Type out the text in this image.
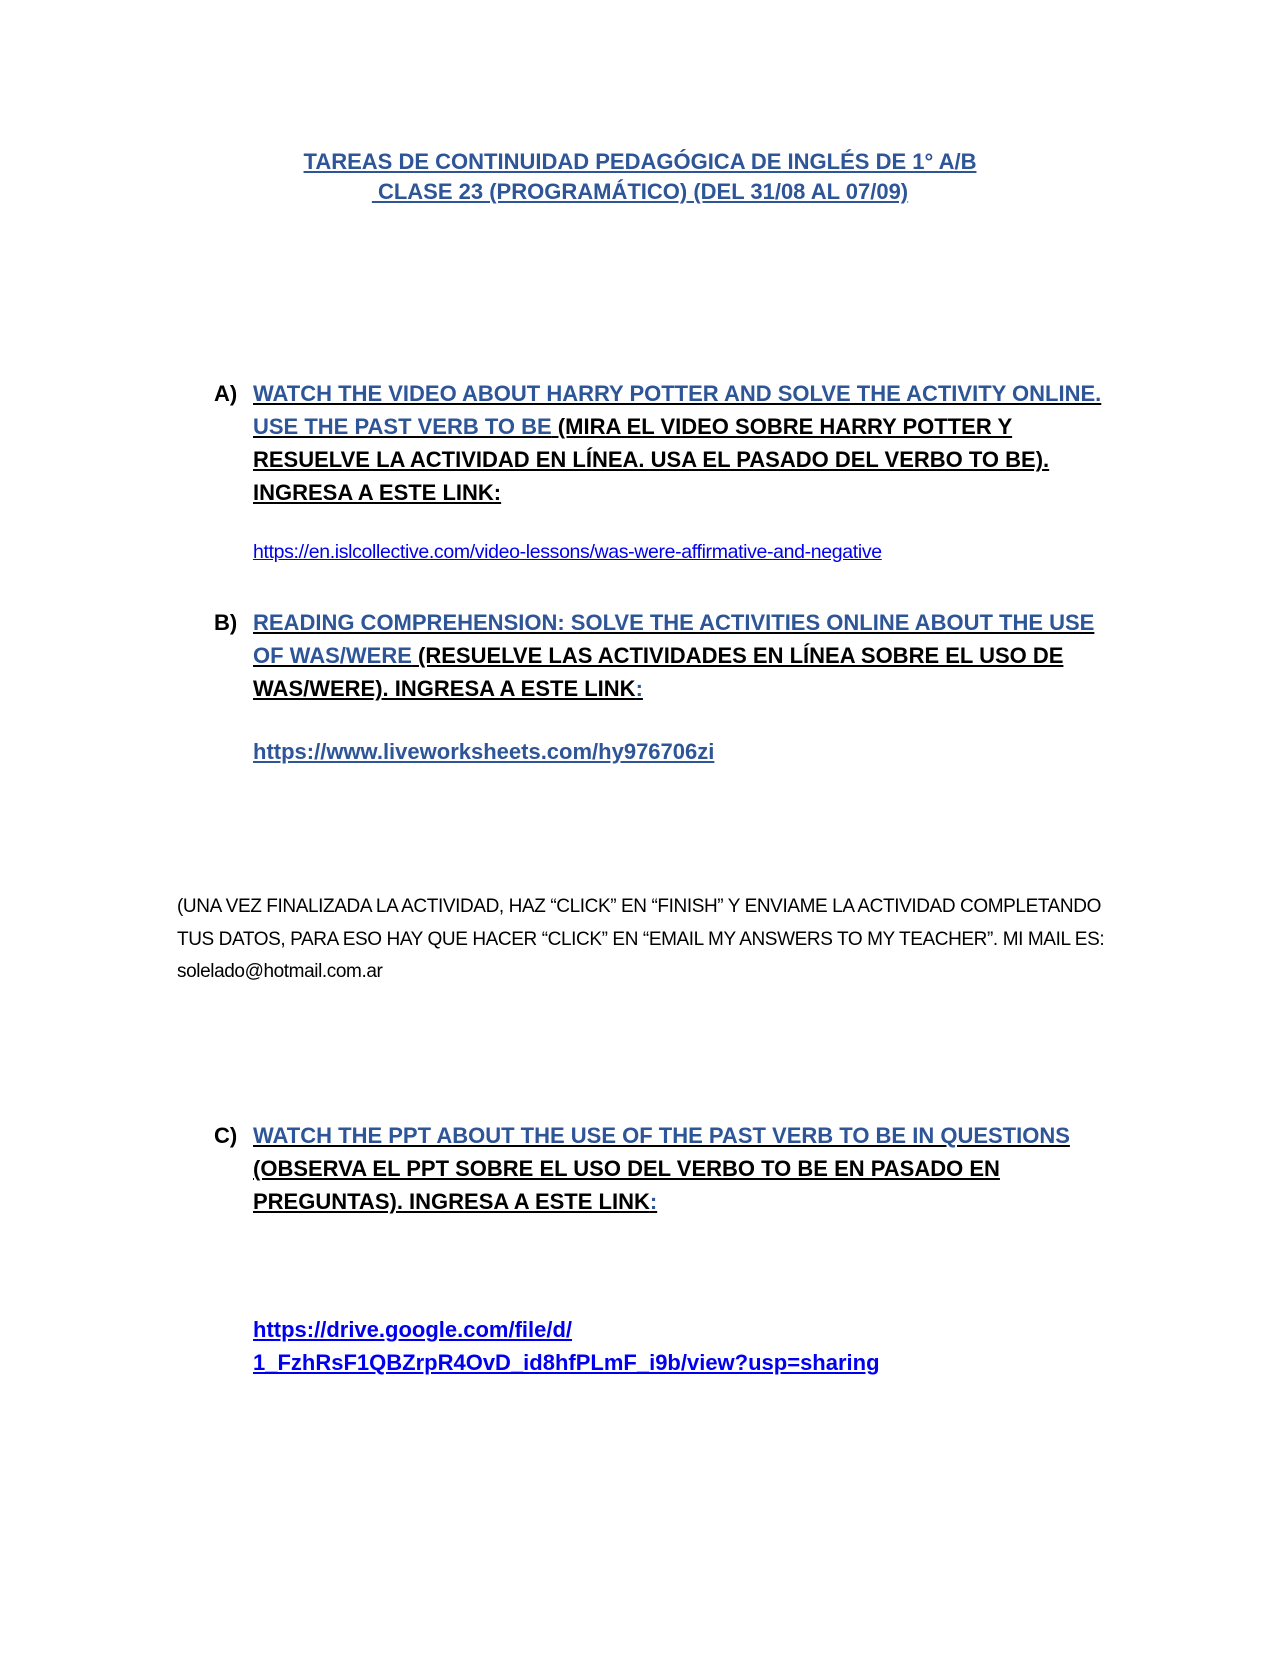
TAREAS DE CONTINUIDAD PEDAGÓGICA DE INGLÉS DE 1° A/B
CLASE 23 (PROGRAMÁTICO) (DEL 31/08 AL 07/09)
A) WATCH THE VIDEO ABOUT HARRY POTTER AND SOLVE THE ACTIVITY ONLINE. USE THE PAST VERB TO BE (MIRA EL VIDEO SOBRE HARRY POTTER Y RESUELVE LA ACTIVIDAD EN LÍNEA. USA EL PASADO DEL VERBO TO BE). INGRESA A ESTE LINK:
https://en.islcollective.com/video-lessons/was-were-affirmative-and-negative
B) READING COMPREHENSION: SOLVE THE ACTIVITIES ONLINE ABOUT THE USE OF WAS/WERE (RESUELVE LAS ACTIVIDADES EN LÍNEA SOBRE EL USO DE WAS/WERE). INGRESA A ESTE LINK:
https://www.liveworksheets.com/hy976706zi
(UNA VEZ FINALIZADA LA ACTIVIDAD, HAZ “CLICK” EN “FINISH” Y ENVIAME LA ACTIVIDAD COMPLETANDO TUS DATOS, PARA ESO HAY QUE HACER “CLICK” EN “EMAIL MY ANSWERS TO MY TEACHER”. MI MAIL ES: solelado@hotmail.com.ar
C) WATCH THE PPT ABOUT THE USE OF THE PAST VERB TO BE IN QUESTIONS (OBSERVA EL PPT SOBRE EL USO DEL VERBO TO BE EN PASADO EN PREGUNTAS). INGRESA A ESTE LINK:
https://drive.google.com/file/d/
1_FzhRsF1QBZrpR4OvD_id8hfPLmF_i9b/view?usp=sharing
